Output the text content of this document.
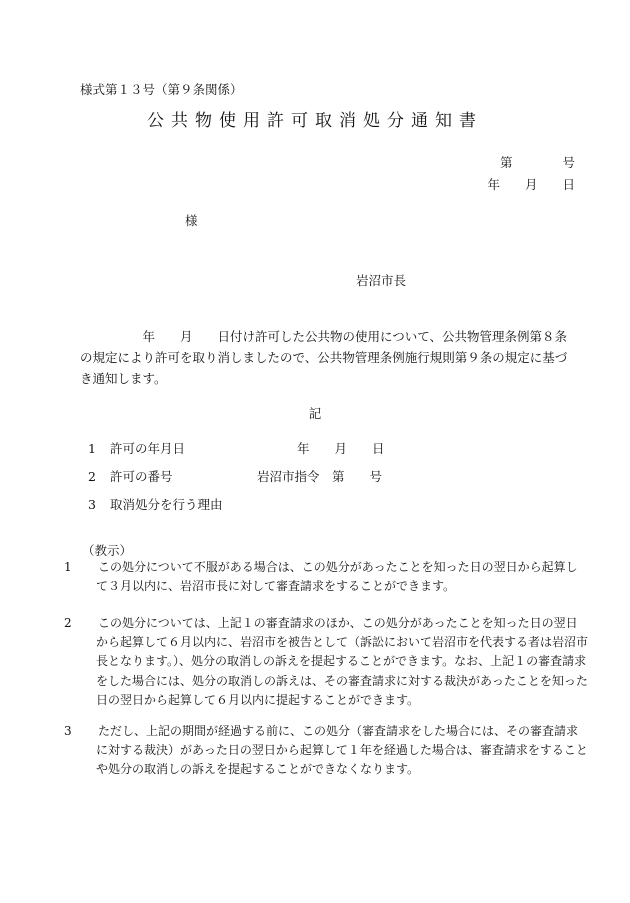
様式第１３号（第９条関係）
公共物使用許可取消処分通知書
第　　　　号
年　　月　　日
様
岩沼市長
　　　　　年　　月　　日付け許可した公共物の使用について、公共物管理条例第８条の規定により許可を取り消しましたので、公共物管理条例施行規則第９条の規定に基づき通知します。
記
1 許可の年月日	年　　月　　日
2 許可の番号	岩沼市指令　第　　号
3 取消処分を行う理由
（教示）
1 この処分について不服がある場合は、この処分があったことを知った日の翌日から起算して３月以内に、岩沼市長に対して審査請求をすることができます。
2 この処分については、上記１の審査請求のほか、この処分があったことを知った日の翌日から起算して６月以内に、岩沼市を被告として（訴訟において岩沼市を代表する者は岩沼市長となります。）、処分の取消しの訴えを提起することができます。なお、上記１の審査請求をした場合には、処分の取消しの訴えは、その審査請求に対する裁決があったことを知った日の翌日から起算して６月以内に提起することができます。
3 ただし、上記の期間が経過する前に、この処分（審査請求をした場合には、その審査請求に対する裁決）があった日の翌日から起算して１年を経過した場合は、審査請求をすることや処分の取消しの訴えを提起することができなくなります。
